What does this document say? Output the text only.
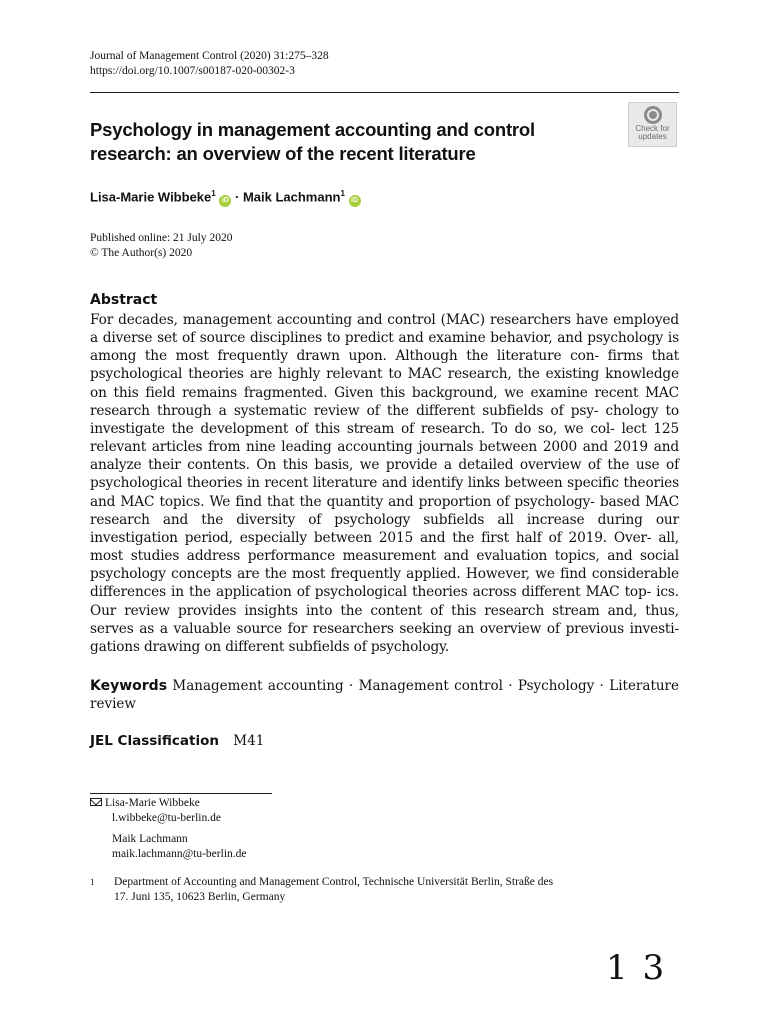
Journal of Management Control (2020) 31:275–328
https://doi.org/10.1007/s00187-020-00302-3
Psychology in management accounting and control
research: an overview of the recent literature
Check for
updates
Lisa-Marie Wibbeke$^1$ iD · Maik Lachmann$^1$ iD
Published online: 21 July 2020
© The Author(s) 2020
Abstract
For decades, management accounting and control (MAC) researchers have employed a diverse set of source disciplines to predict and examine behavior, and psychology is among the most frequently drawn upon. Although the literature con- firms that psychological theories are highly relevant to MAC research, the existing knowledge on this field remains fragmented. Given this background, we examine recent MAC research through a systematic review of the different subfields of psy- chology to investigate the development of this stream of research. To do so, we col- lect 125 relevant articles from nine leading accounting journals between 2000 and 2019 and analyze their contents. On this basis, we provide a detailed overview of the use of psychological theories in recent literature and identify links between specific theories and MAC topics. We find that the quantity and proportion of psychology- based MAC research and the diversity of psychology subfields all increase during our investigation period, especially between 2015 and the first half of 2019. Over- all, most studies address performance measurement and evaluation topics, and social psychology concepts are the most frequently applied. However, we find considerable differences in the application of psychological theories across different MAC top- ics. Our review provides insights into the content of this research stream and, thus, serves as a valuable source for researchers seeking an overview of previous investi- gations drawing on different subfields of psychology.
Keywords Management accounting · Management control · Psychology · Literature review
JEL Classification M41
Lisa-Marie Wibbeke
l.wibbeke@tu-berlin.de
Maik Lachmann
maik.lachmann@tu-berlin.de
1 Department of Accounting and Management Control, Technische Universität Berlin, Straße des
17. Juni 135, 10623 Berlin, Germany
1 3
